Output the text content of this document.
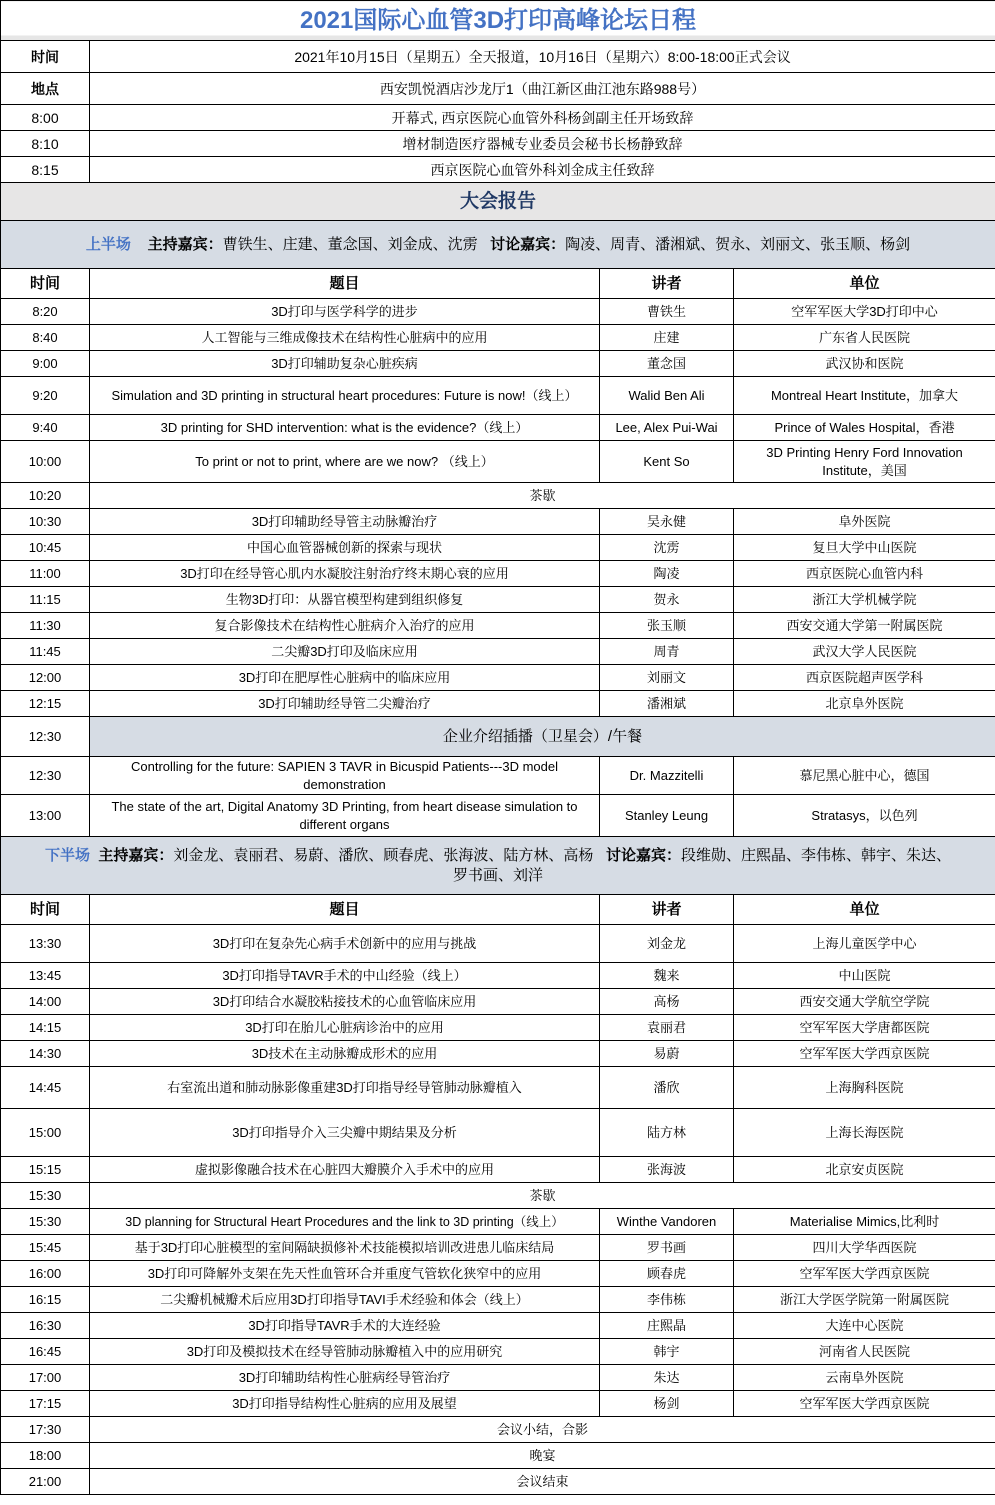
2021国际心血管3D打印高峰论坛日程			
时间	2021年10月15日（星期五）全天报道，10月16日（星期六）8:00-18:00正式会议		
地点	西安凯悦酒店沙龙厅1（曲江新区曲江池东路988号）		
8:00	开幕式, 西京医院心血管外科杨剑副主任开场致辞		
8:10	增材制造医疗器械专业委员会秘书长杨静致辞		
8:15	西京医院心血管外科刘金成主任致辞		
大会报告			
上半场 主持嘉宾：曹铁生、庄建、董念国、刘金成、沈雳 讨论嘉宾：陶凌、周青、潘湘斌、贺永、刘丽文、张玉顺、杨剑			
时间	题目	讲者	单位
8:20	3D打印与医学科学的进步	曹铁生	空军军医大学3D打印中心
8:40	人工智能与三维成像技术在结构性心脏病中的应用	庄建	广东省人民医院
9:00	3D打印辅助复杂心脏疾病	董念国	武汉协和医院
9:20	Simulation and 3D printing in structural heart procedures: Future is now!（线上）	Walid Ben Ali	Montreal Heart Institute，加拿大
9:40	3D printing for SHD intervention: what is the evidence?（线上）	Lee, Alex Pui-Wai	Prince of Wales Hospital，香港
10:00	To print or not to print, where are we now? （线上）	Kent So	3D Printing Henry Ford Innovation Institute，美国
10:20	茶歇		
10:30	3D打印辅助经导管主动脉瓣治疗	吴永健	阜外医院
10:45	中国心血管器械创新的探索与现状	沈雳	复旦大学中山医院
11:00	3D打印在经导管心肌内水凝胶注射治疗终末期心衰的应用	陶凌	西京医院心血管内科
11:15	生物3D打印：从器官模型构建到组织修复	贺永	浙江大学机械学院
11:30	复合影像技术在结构性心脏病介入治疗的应用	张玉顺	西安交通大学第一附属医院
11:45	二尖瓣3D打印及临床应用	周青	武汉大学人民医院
12:00	3D打印在肥厚性心脏病中的临床应用	刘丽文	西京医院超声医学科
12:15	3D打印辅助经导管二尖瓣治疗	潘湘斌	北京阜外医院
12:30	企业介绍插播（卫星会）/午餐		
12:30	Controlling for the future: SAPIEN 3 TAVR in Bicuspid Patients---3D model demonstration	Dr. Mazzitelli	慕尼黑心脏中心，德国
13:00	The state of the art, Digital Anatomy 3D Printing, from heart disease simulation to different organs	Stanley Leung	Stratasys，以色列
下半场 主持嘉宾：刘金龙、袁丽君、易蔚、潘欣、顾春虎、张海波、陆方林、高杨 讨论嘉宾：段维勋、庄熙晶、李伟栋、韩宇、朱达、
罗书画、刘洋			
时间	题目	讲者	单位
13:30	3D打印在复杂先心病手术创新中的应用与挑战	刘金龙	上海儿童医学中心
13:45	3D打印指导TAVR手术的中山经验（线上）	魏来	中山医院
14:00	3D打印结合水凝胶粘接技术的心血管临床应用	高杨	西安交通大学航空学院
14:15	3D打印在胎儿心脏病诊治中的应用	袁丽君	空军军医大学唐都医院
14:30	3D技术在主动脉瓣成形术的应用	易蔚	空军军医大学西京医院
14:45	右室流出道和肺动脉影像重建3D打印指导经导管肺动脉瓣植入	潘欣	上海胸科医院
15:00	3D打印指导介入三尖瓣中期结果及分析	陆方林	上海长海医院
15:15	虚拟影像融合技术在心脏四大瓣膜介入手术中的应用	张海波	北京安贞医院
15:30	茶歇		
15:30	3D planning for Structural Heart Procedures and the link to 3D printing（线上）	Winthe Vandoren	Materialise Mimics,比利时
15:45	基于3D打印心脏模型的室间隔缺损修补术技能模拟培训改进患儿临床结局	罗书画	四川大学华西医院
16:00	3D打印可降解外支架在先天性血管环合并重度气管软化狭窄中的应用	顾春虎	空军军医大学西京医院
16:15	二尖瓣机械瓣术后应用3D打印指导TAVI手术经验和体会（线上）	李伟栋	浙江大学医学院第一附属医院
16:30	3D打印指导TAVR手术的大连经验	庄熙晶	大连中心医院
16:45	3D打印及模拟技术在经导管肺动脉瓣植入中的应用研究	韩宇	河南省人民医院
17:00	3D打印辅助结构性心脏病经导管治疗	朱达	云南阜外医院
17:15	3D打印指导结构性心脏病的应用及展望	杨剑	空军军医大学西京医院
17:30	会议小结，合影		
18:00	晚宴		
21:00	会议结束		
